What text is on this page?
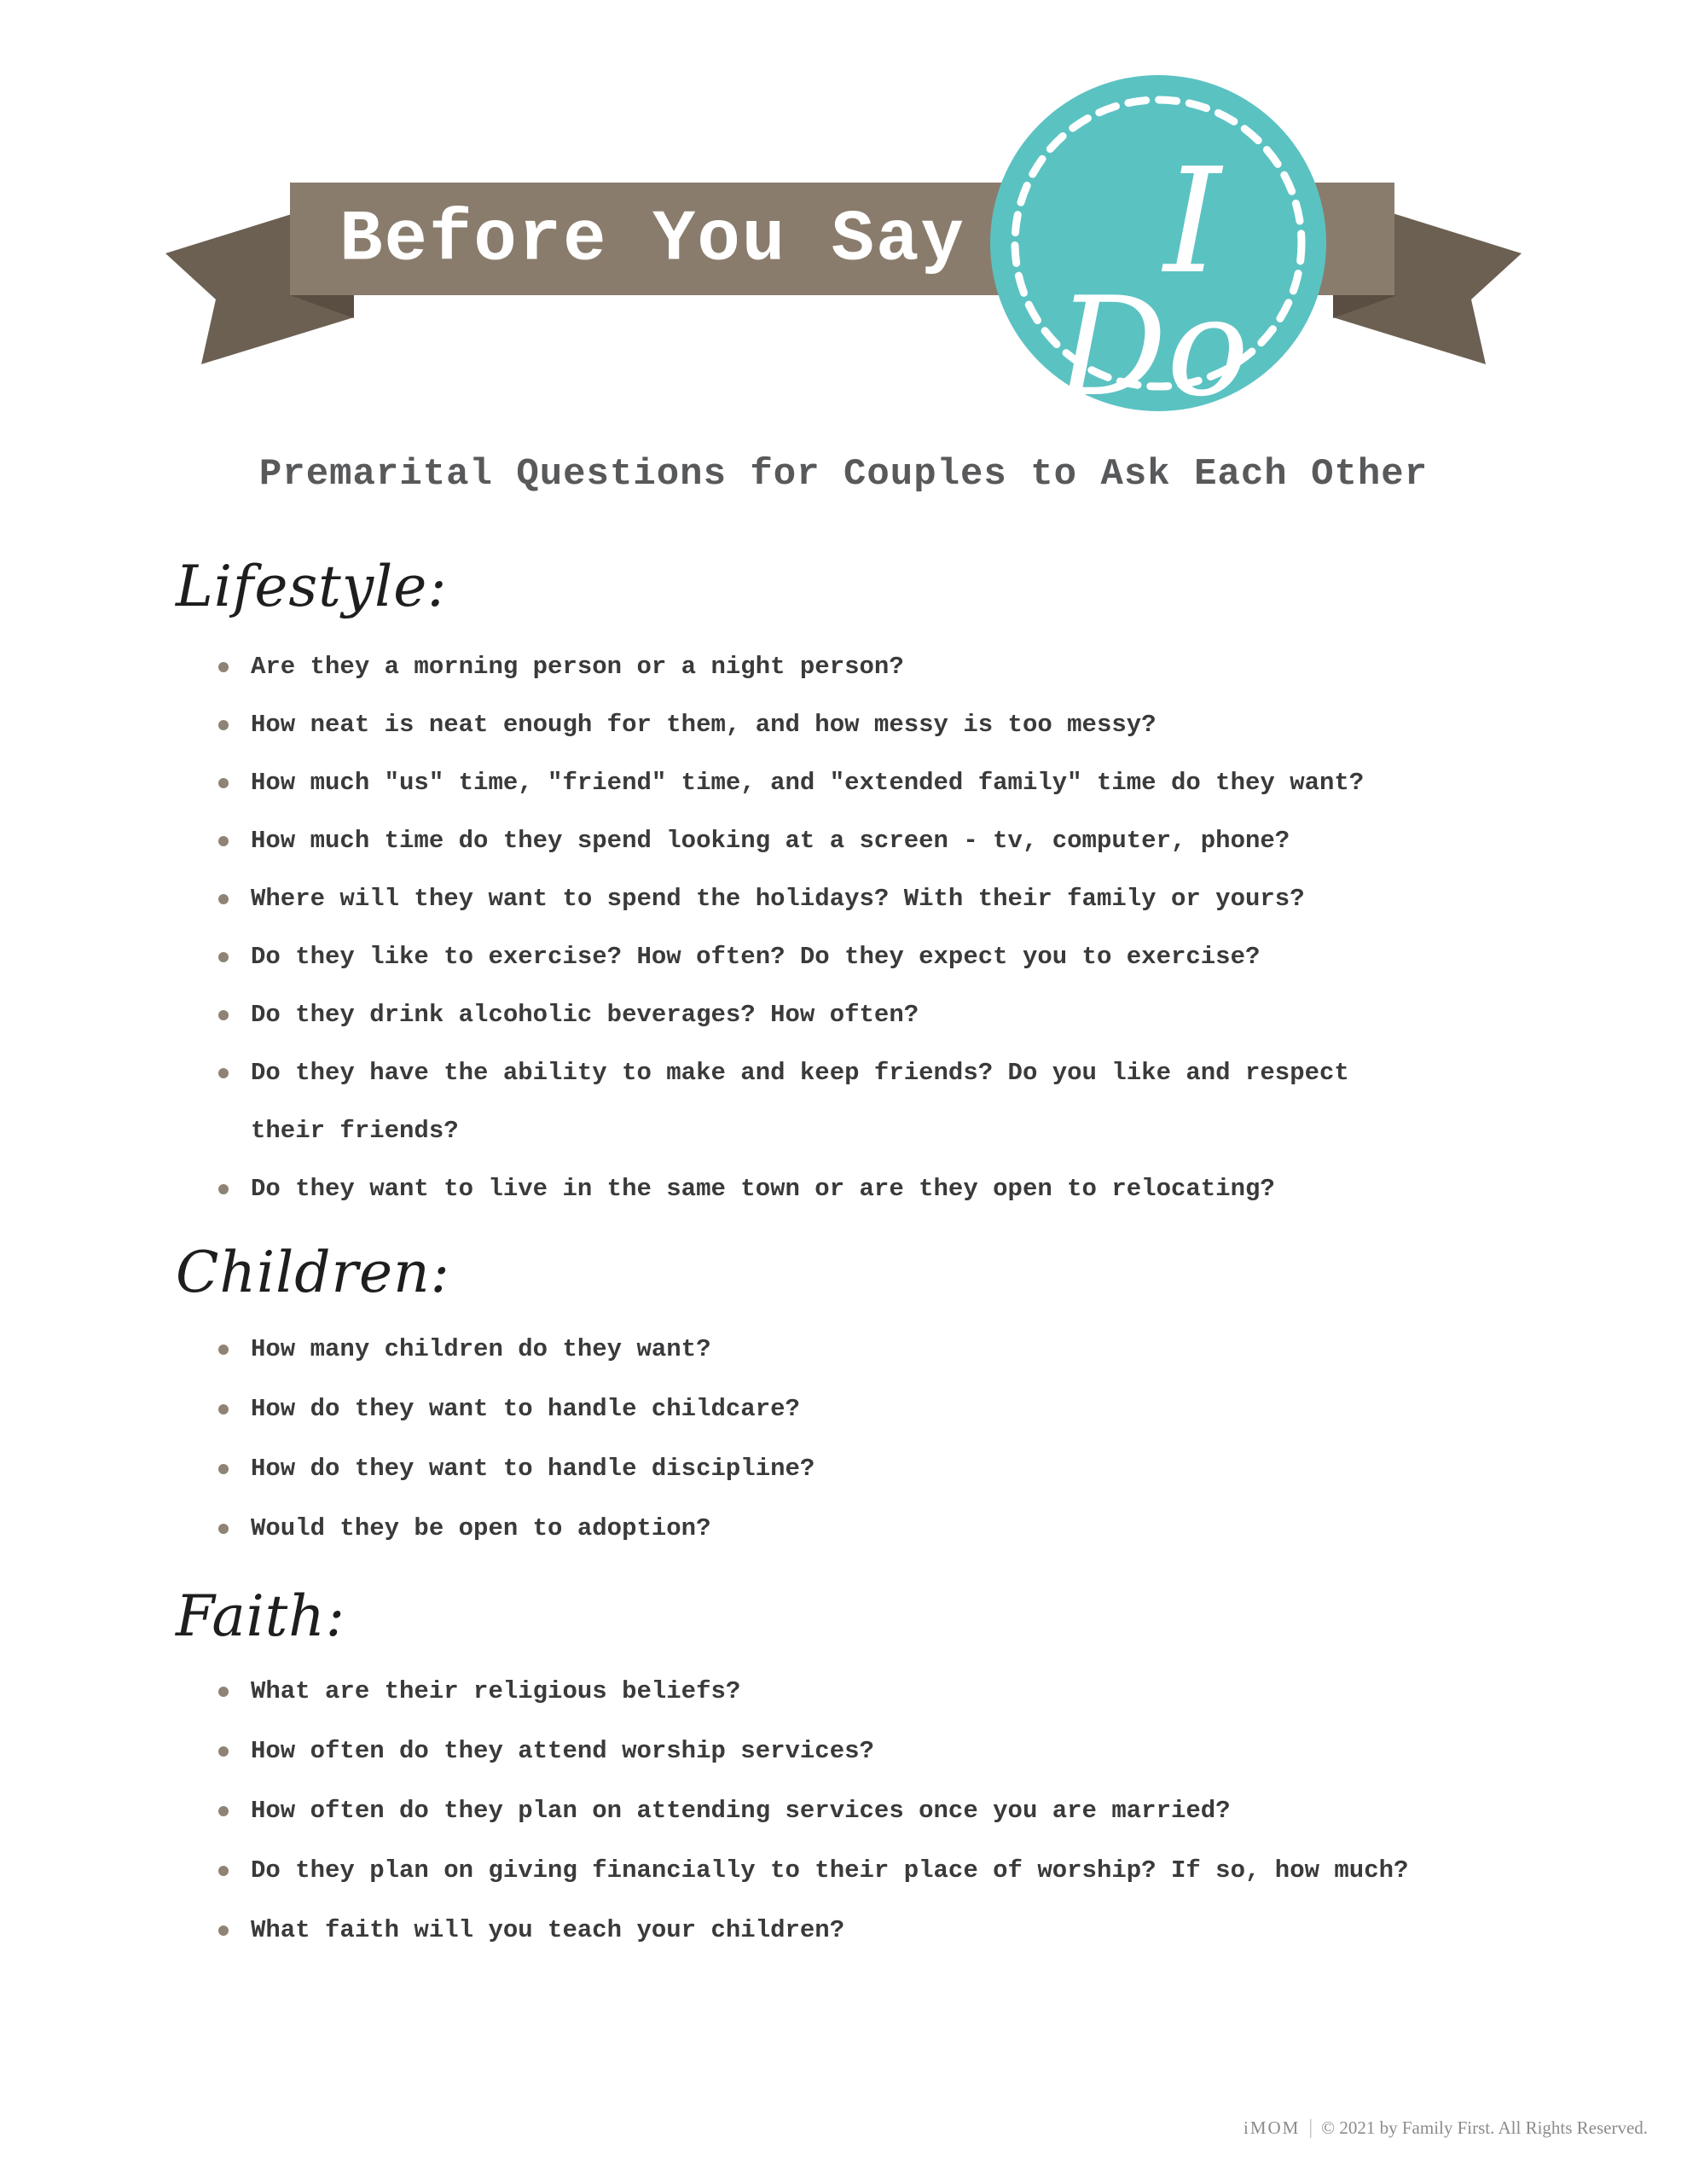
Before You Say I
Do
Premarital Questions for Couples to Ask Each Other
Lifestyle:
Are they a morning person or a night person?
How neat is neat enough for them, and how messy is too messy?
How much "us" time, "friend" time, and "extended family" time do they want?
How much time do they spend looking at a screen - tv, computer, phone?
Where will they want to spend the holidays? With their family or yours?
Do they like to exercise? How often? Do they expect you to exercise?
Do they drink alcoholic beverages? How often?
Do they have the ability to make and keep friends? Do you like and respect their friends?
Do they want to live in the same town or are they open to relocating?
Children:
How many children do they want?
How do they want to handle childcare?
How do they want to handle discipline?
Would they be open to adoption?
Faith:
What are their religious beliefs?
How often do they attend worship services?
How often do they plan on attending services once you are married?
Do they plan on giving financially to their place of worship? If so, how much?
What faith will you teach your children?
iMOM | © 2021 by Family First. All Rights Reserved.
